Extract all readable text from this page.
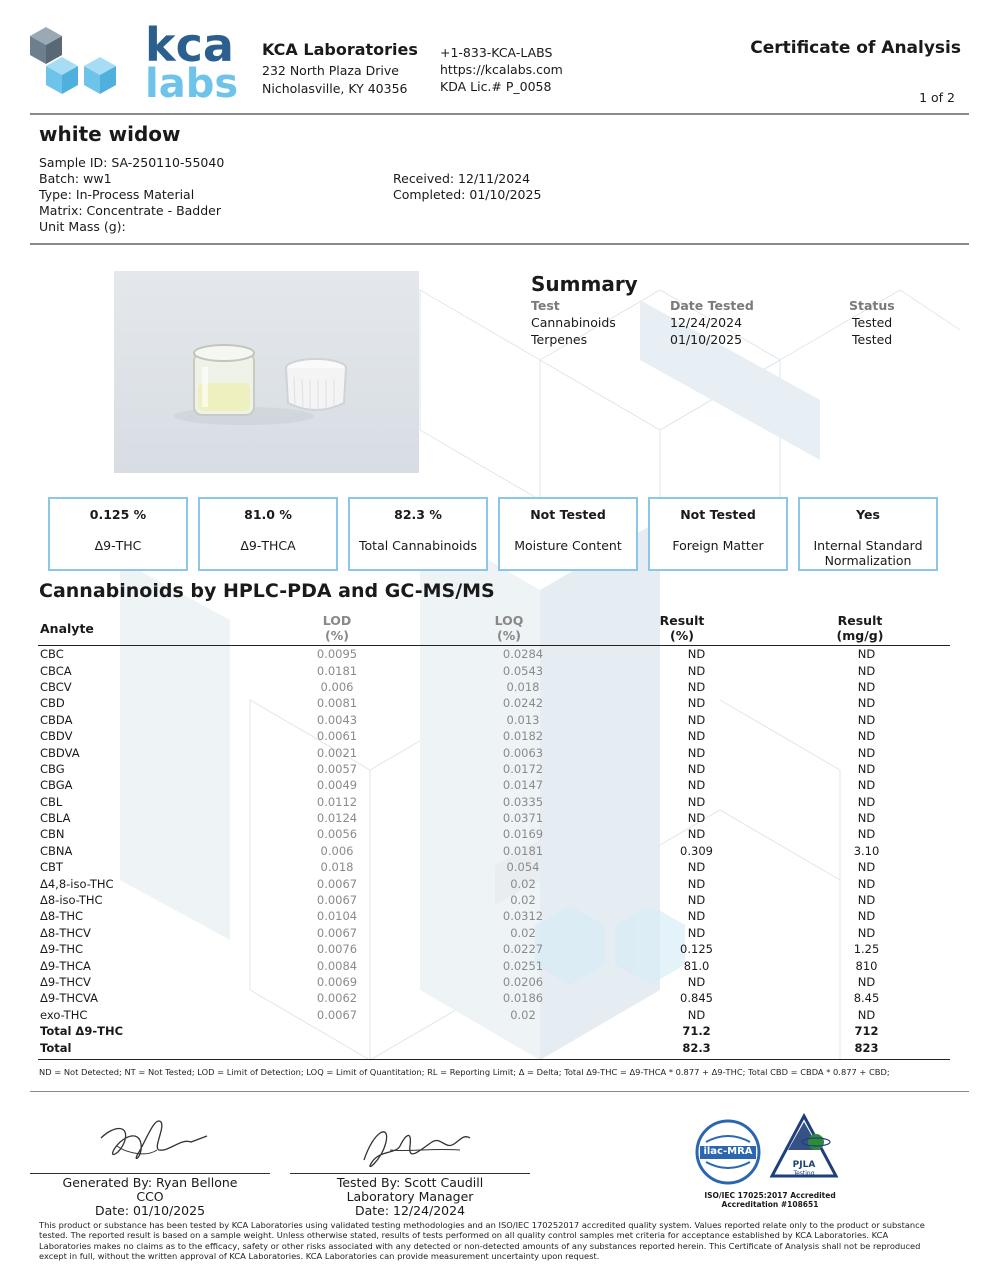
kca
labs
KCA Laboratories
232 North Plaza Drive
Nicholasville, KY 40356
+1-833-KCA-LABS
https://kcalabs.com
KDA Lic.# P_0058
Certificate of Analysis
1 of 2
white widow
Sample ID: SA-250110-55040
Batch: ww1
Type: In-Process Material
Matrix: Concentrate - Badder
Unit Mass (g):
Received: 12/11/2024
Completed: 01/10/2025
Summary
Test	Date Tested	Status
Cannabinoids	12/24/2024	Tested
Terpenes	01/10/2025	Tested
0.125 %
Δ9-THC
81.0 %
Δ9-THCA
82.3 %
Total Cannabinoids
Not Tested
Moisture Content
Not Tested
Foreign Matter
Yes
Internal Standard Normalization
Cannabinoids by HPLC-PDA and GC-MS/MS
Analyte
LOD
(%)
LOQ
(%)
Result
(%)
Result
(mg/g)
CBC	0.0095	0.0284	ND	ND
CBCA	0.0181	0.0543	ND	ND
CBCV	0.006	0.018	ND	ND
CBD	0.0081	0.0242	ND	ND
CBDA	0.0043	0.013	ND	ND
CBDV	0.0061	0.0182	ND	ND
CBDVA	0.0021	0.0063	ND	ND
CBG	0.0057	0.0172	ND	ND
CBGA	0.0049	0.0147	ND	ND
CBL	0.0112	0.0335	ND	ND
CBLA	0.0124	0.0371	ND	ND
CBN	0.0056	0.0169	ND	ND
CBNA	0.006	0.0181	0.309	3.10
CBT	0.018	0.054	ND	ND
Δ4,8-iso-THC	0.0067	0.02	ND	ND
Δ8-iso-THC	0.0067	0.02	ND	ND
Δ8-THC	0.0104	0.0312	ND	ND
Δ8-THCV	0.0067	0.02	ND	ND
Δ9-THC	0.0076	0.0227	0.125	1.25
Δ9-THCA	0.0084	0.0251	81.0	810
Δ9-THCV	0.0069	0.0206	ND	ND
Δ9-THCVA	0.0062	0.0186	0.845	8.45
exo-THC	0.0067	0.02	ND	ND
Total Δ9-THC			71.2	712
Total			82.3	823
ND = Not Detected; NT = Not Tested; LOD = Limit of Detection; LOQ = Limit of Quantitation; RL = Reporting Limit; Δ = Delta; Total Δ9-THC = Δ9-THCA * 0.877 + Δ9-THC; Total CBD = CBDA * 0.877 + CBD;
Generated By: Ryan Bellone
CCO
Date: 01/10/2025
Tested By: Scott Caudill
Laboratory Manager
Date: 12/24/2024
ilac-MRA
PJLA
Testing
ISO/IEC 17025:2017 Accredited
Accreditation #108651
This product or substance has been tested by KCA Laboratories using validated testing methodologies and an ISO/IEC 170252017 accredited quality system. Values reported relate only to the product or substance
tested. The reported result is based on a sample weight. Unless otherwise stated, results of tests performed on all quality control samples met criteria for acceptance established by KCA Laboratories. KCA
Laboratories makes no claims as to the efficacy, safety or other risks associated with any detected or non-detected amounts of any substances reported herein. This Certificate of Analysis shall not be reproduced
except in full, without the written approval of KCA Laboratories. KCA Laboratories can provide measurement uncertainty upon request.
